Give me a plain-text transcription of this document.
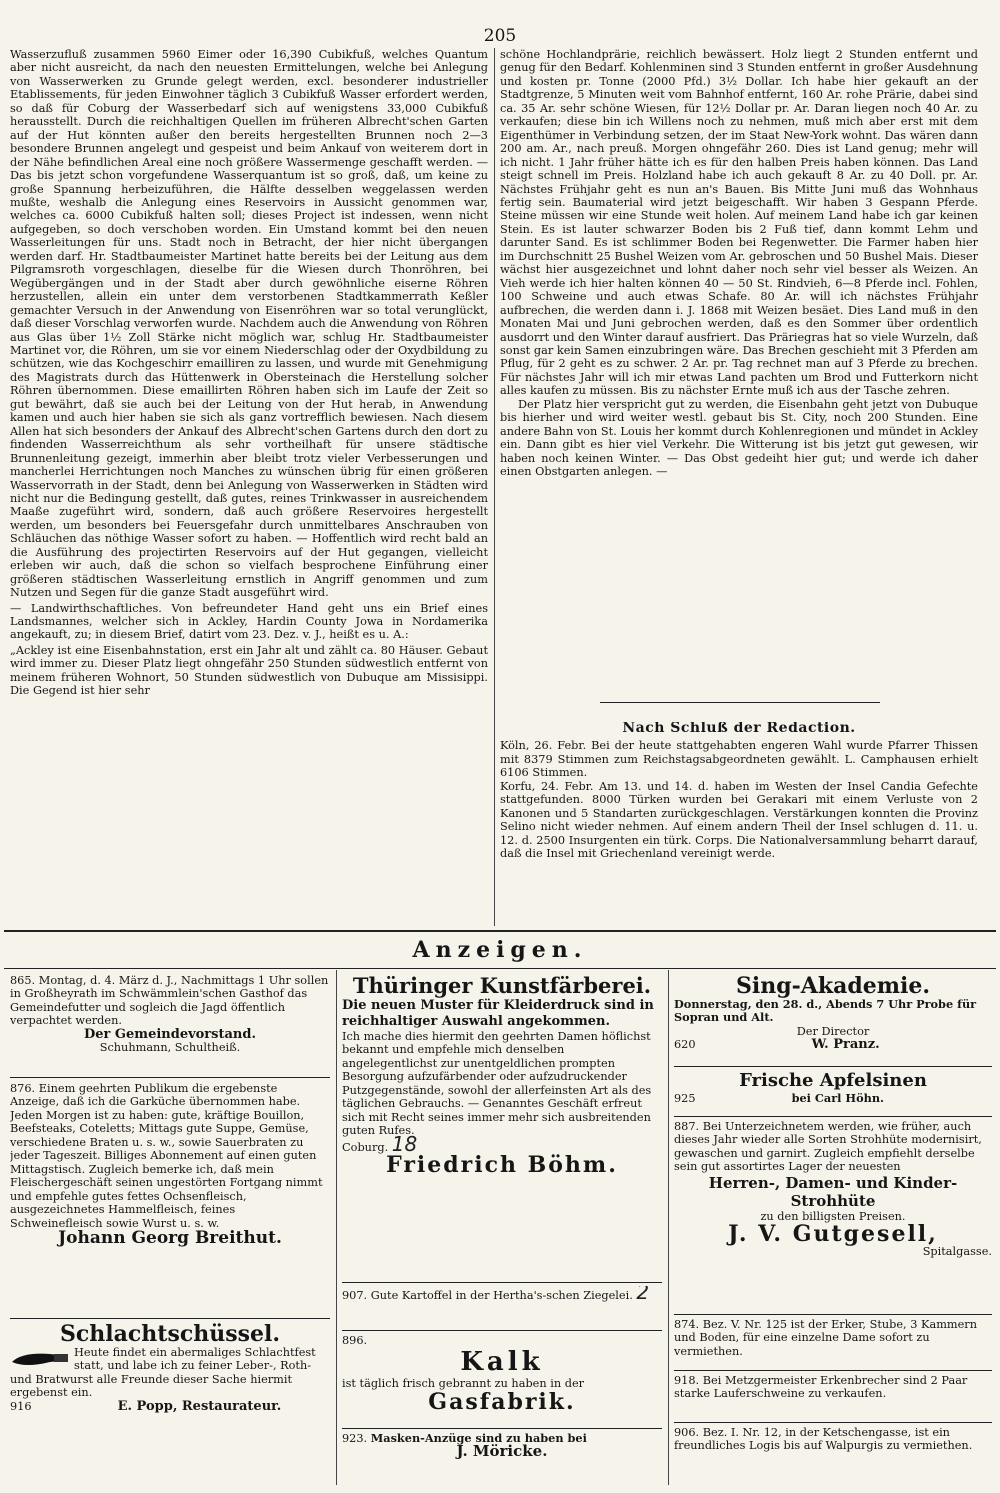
205

Wasserzufluß zusammen 5960 Eimer oder 16,390 Cubikfuß, welches Quantum aber nicht ausreicht, da nach den neuesten Ermittelungen, welche bei Anlegung von Wasserwerken zu Grunde gelegt werden, excl. besonderer industrieller Etablissements, für jeden Einwohner täglich 3 Cubikfuß Wasser erfordert werden, so daß für Coburg der Wasserbedarf sich auf wenigstens 33,000 Cubikfuß herausstellt. Durch die reichhaltigen Quellen im früheren Albrecht'schen Garten auf der Hut könnten außer den bereits hergestellten Brunnen noch 2—3 besondere Brunnen angelegt und gespeist und beim Ankauf von weiterem dort in der Nähe befindlichen Areal eine noch größere Wassermenge geschafft werden. — Das bis jetzt schon vorgefundene Wasserquantum ist so groß, daß, um keine zu große Spannung herbeizuführen, die Hälfte desselben weggelassen werden mußte, weshalb die Anlegung eines Reservoirs in Aussicht genommen war, welches ca. 6000 Cubikfuß halten soll; dieses Project ist indessen, wenn nicht aufgegeben, so doch verschoben worden. Ein Umstand kommt bei den neuen Wasserleitungen für uns. Stadt noch in Betracht, der hier nicht übergangen werden darf. Hr. Stadtbaumeister Martinet hatte bereits bei der Leitung aus dem Pilgramsroth vorgeschlagen, dieselbe für die Wiesen durch Thonröhren, bei Wegübergängen und in der Stadt aber durch gewöhnliche eiserne Röhren herzustellen, allein ein unter dem verstorbenen Stadtkammerrath Keßler gemachter Versuch in der Anwendung von Eisenröhren war so total verunglückt, daß dieser Vorschlag verworfen wurde. Nachdem auch die Anwendung von Röhren aus Glas über 1½ Zoll Stärke nicht möglich war, schlug Hr. Stadtbaumeister Martinet vor, die Röhren, um sie vor einem Niederschlag oder der Oxydbildung zu schützen, wie das Kochgeschirr emailliren zu lassen, und wurde mit Genehmigung des Magistrats durch das Hüttenwerk in Obersteinach die Herstellung solcher Röhren übernommen. Diese emaillirten Röhren haben sich im Laufe der Zeit so gut bewährt, daß sie auch bei der Leitung von der Hut herab, in Anwendung kamen und auch hier haben sie sich als ganz vortrefflich bewiesen. Nach diesem Allen hat sich besonders der Ankauf des Albrecht'schen Gartens durch den dort zu findenden Wasserreichthum als sehr vortheilhaft für unsere städtische Brunnenleitung gezeigt, immerhin aber bleibt trotz vieler Verbesserungen und mancherlei Herrichtungen noch Manches zu wünschen übrig für einen größeren Wasservorrath in der Stadt, denn bei Anlegung von Wasserwerken in Städten wird nicht nur die Bedingung gestellt, daß gutes, reines Trinkwasser in ausreichendem Maaße zugeführt wird, sondern, daß auch größere Reservoires hergestellt werden, um besonders bei Feuersgefahr durch unmittelbares Anschrauben von Schläuchen das nöthige Wasser sofort zu haben. — Hoffentlich wird recht bald an die Ausführung des projectirten Reservoirs auf der Hut gegangen, vielleicht erleben wir auch, daß die schon so vielfach besprochene Einführung einer größeren städtischen Wasserleitung ernstlich in Angriff genommen und zum Nutzen und Segen für die ganze Stadt ausgeführt wird.

— Landwirthschaftliches. Von befreundeter Hand geht uns ein Brief eines Landsmannes, welcher sich in Ackley, Hardin County Jowa in Nordamerika angekauft, zu; in diesem Brief, datirt vom 23. Dez. v. J., heißt es u. A.:

„Ackley ist eine Eisenbahnstation, erst ein Jahr alt und zählt ca. 80 Häuser. Gebaut wird immer zu. Dieser Platz liegt ohngefähr 250 Stunden südwestlich entfernt von meinem früheren Wohnort, 50 Stunden südwestlich von Dubuque am Missisippi. Die Gegend ist hier sehr

schöne Hochlandprärie, reichlich bewässert. Holz liegt 2 Stunden entfernt und genug für den Bedarf. Kohlenminen sind 3 Stunden entfernt in großer Ausdehnung und kosten pr. Tonne (2000 Pfd.) 3½ Dollar. Ich habe hier gekauft an der Stadtgrenze, 5 Minuten weit vom Bahnhof entfernt, 160 Ar. rohe Prärie, dabei sind ca. 35 Ar. sehr schöne Wiesen, für 12½ Dollar pr. Ar. Daran liegen noch 40 Ar. zu verkaufen; diese bin ich Willens noch zu nehmen, muß mich aber erst mit dem Eigenthümer in Verbindung setzen, der im Staat New-York wohnt. Das wären dann 200 am. Ar., nach preuß. Morgen ohngefähr 260. Dies ist Land genug; mehr will ich nicht. 1 Jahr früher hätte ich es für den halben Preis haben können. Das Land steigt schnell im Preis. Holzland habe ich auch gekauft 8 Ar. zu 40 Doll. pr. Ar. Nächstes Frühjahr geht es nun an's Bauen. Bis Mitte Juni muß das Wohnhaus fertig sein. Baumaterial wird jetzt beigeschafft. Wir haben 3 Gespann Pferde. Steine müssen wir eine Stunde weit holen. Auf meinem Land habe ich gar keinen Stein. Es ist lauter schwarzer Boden bis 2 Fuß tief, dann kommt Lehm und darunter Sand. Es ist schlimmer Boden bei Regenwetter. Die Farmer haben hier im Durchschnitt 25 Bushel Weizen vom Ar. gebroschen und 50 Bushel Mais. Dieser wächst hier ausgezeichnet und lohnt daher noch sehr viel besser als Weizen. An Vieh werde ich hier halten können 40 — 50 St. Rindvieh, 6—8 Pferde incl. Fohlen, 100 Schweine und auch etwas Schafe. 80 Ar. will ich nächstes Frühjahr aufbrechen, die werden dann i. J. 1868 mit Weizen besäet. Dies Land muß in den Monaten Mai und Juni gebrochen werden, daß es den Sommer über ordentlich ausdorrt und den Winter darauf ausfriert. Das Präriegras hat so viele Wurzeln, daß sonst gar kein Samen einzubringen wäre. Das Brechen geschieht mit 3 Pferden am Pflug, für 2 geht es zu schwer. 2 Ar. pr. Tag rechnet man auf 3 Pferde zu brechen. Für nächstes Jahr will ich mir etwas Land pachten um Brod und Futterkorn nicht alles kaufen zu müssen. Bis zu nächster Ernte muß ich aus der Tasche zehren.

Der Platz hier verspricht gut zu werden, die Eisenbahn geht jetzt von Dubuque bis hierher und wird weiter westl. gebaut bis St. City, noch 200 Stunden. Eine andere Bahn von St. Louis her kommt durch Kohlenregionen und mündet in Ackley ein. Dann gibt es hier viel Verkehr. Die Witterung ist bis jetzt gut gewesen, wir haben noch keinen Winter. — Das Obst gedeiht hier gut; und werde ich daher einen Obstgarten anlegen. —

Nach Schluß der Redaction.

Köln, 26. Febr. Bei der heute stattgehabten engeren Wahl wurde Pfarrer Thissen mit 8379 Stimmen zum Reichstagsabgeordneten gewählt. L. Camphausen erhielt 6106 Stimmen.

Korfu, 24. Febr. Am 13. und 14. d. haben im Westen der Insel Candia Gefechte stattgefunden. 8000 Türken wurden bei Gerakari mit einem Verluste von 2 Kanonen und 5 Standarten zurückgeschlagen. Verstärkungen konnten die Provinz Selino nicht wieder nehmen. Auf einem andern Theil der Insel schlugen d. 11. u. 12. d. 2500 Insurgenten ein türk. Corps. Die Nationalversammlung beharrt darauf, daß die Insel mit Griechenland vereinigt werde.

Anzeigen.

865. Montag, d. 4. März d. J., Nachmittags 1 Uhr sollen in Großheyrath im Schwämmlein'schen Gasthof das Gemeindefutter und sogleich die Jagd öffentlich verpachtet werden.

Der Gemeindevorstand.

Schuhmann, Schultheiß.

876. Einem geehrten Publikum die ergebenste Anzeige, daß ich die Garküche übernommen habe. Jeden Morgen ist zu haben: gute, kräftige Bouillon, Beefsteaks, Coteletts; Mittags gute Suppe, Gemüse, verschiedene Braten u. s. w., sowie Sauerbraten zu jeder Tageszeit. Billiges Abonnement auf einen guten Mittagstisch. Zugleich bemerke ich, daß mein Fleischergeschäft seinen ungestörten Fortgang nimmt und empfehle gutes fettes Ochsenfleisch, ausgezeichnetes Hammelfleisch, feines Schweinefleisch sowie Wurst u. s. w.

Johann Georg Breithut.

Schlachtschüssel.

Heute findet ein abermaliges Schlachtfest statt, und labe ich zu feiner Leber-, Roth- und Bratwurst alle Freunde dieser Sache hiermit ergebenst ein.

916	E. Popp, Restaurateur.

Thüringer Kunstfärberei.

Die neuen Muster für Kleiderdruck sind in reichhaltiger Auswahl angekommen.

Ich mache dies hiermit den geehrten Damen höflichst bekannt und empfehle mich denselben angelegentlichst zur unentgeldlichen prompten Besorgung aufzufärbender oder aufzudruckender Putzgegenstände, sowohl der allerfeinsten Art als des täglichen Gebrauchs. — Genanntes Geschäft erfreut sich mit Recht seines immer mehr sich ausbreitenden guten Rufes.

Coburg. 18

Friedrich Böhm.

907. Gute Kartoffel in der Hertha's-schen Ziegelei. 2

896.

Kalk

ist täglich frisch gebrannt zu haben in der

Gasfabrik.

923. Masken-Anzüge sind zu haben bei

J. Möricke.

Sing-Akademie.

Donnerstag, den 28. d., Abends 7 Uhr Probe für Sopran und Alt.

Der Director

620	W. Pranz.

Frische Apfelsinen

925	bei Carl Höhn.

887. Bei Unterzeichnetem werden, wie früher, auch dieses Jahr wieder alle Sorten Strohhüte modernisirt, gewaschen und garnirt. Zugleich empfiehlt derselbe sein gut assortirtes Lager der neuesten

Herren-, Damen- und Kinder-Strohhüte

zu den billigsten Preisen.

J. V. Gutgesell,

Spitalgasse.

874. Bez. V. Nr. 125 ist der Erker, Stube, 3 Kammern und Boden, für eine einzelne Dame sofort zu vermiethen.

918. Bei Metzgermeister Erkenbrecher sind 2 Paar starke Lauferschweine zu verkaufen.

906. Bez. I. Nr. 12, in der Ketschengasse, ist ein freundliches Logis bis auf Walpurgis zu vermiethen.
